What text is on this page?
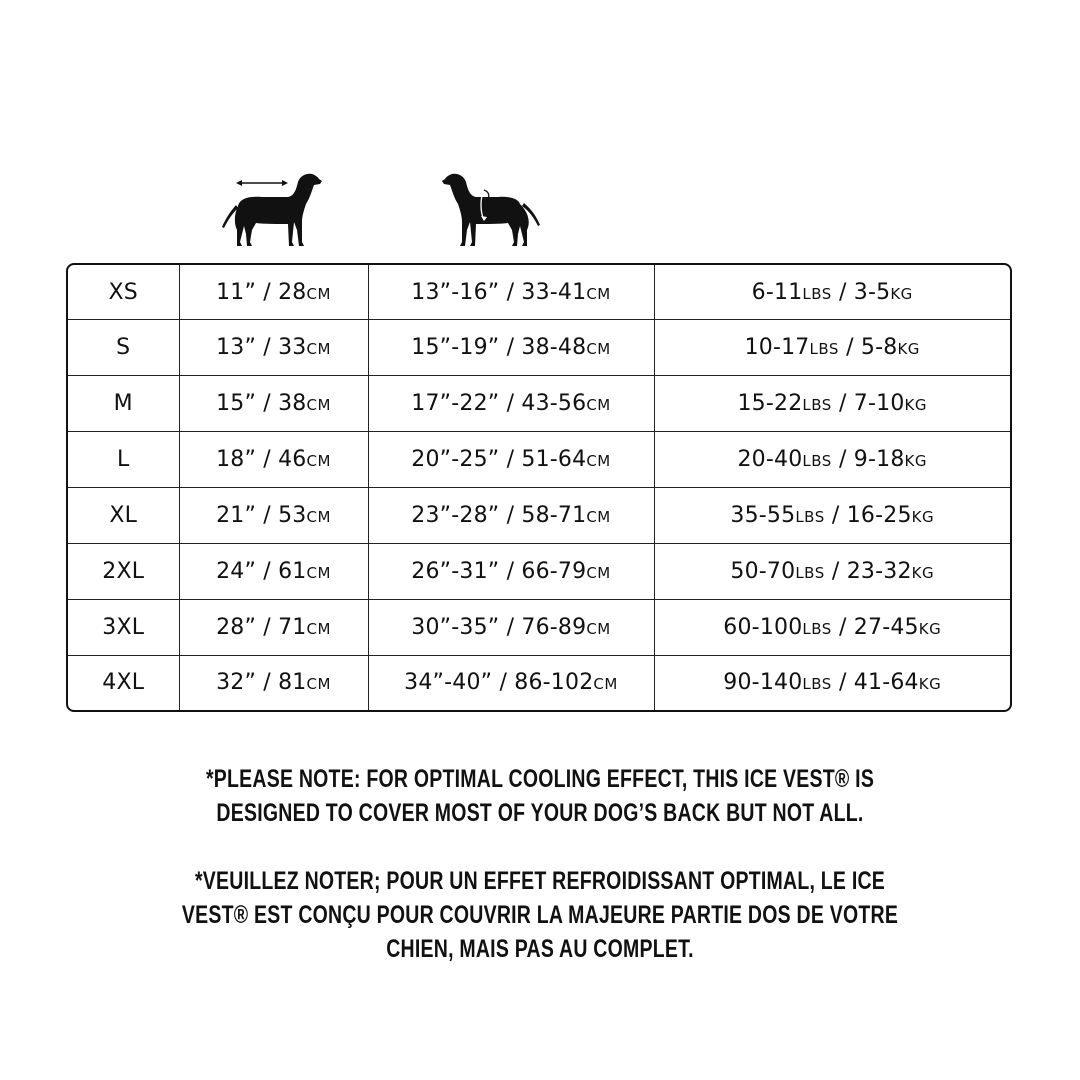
XS	11” / 28CM	13”-16” / 33-41CM	6-11LBS / 3-5KG
S	13” / 33CM	15”-19” / 38-48CM	10-17LBS / 5-8KG
M	15” / 38CM	17”-22” / 43-56CM	15-22LBS / 7-10KG
L	18” / 46CM	20”-25” / 51-64CM	20-40LBS / 9-18KG
XL	21” / 53CM	23”-28” / 58-71CM	35-55LBS / 16-25KG
2XL	24” / 61CM	26”-31” / 66-79CM	50-70LBS / 23-32KG
3XL	28” / 71CM	30”-35” / 76-89CM	60-100LBS / 27-45KG
4XL	32” / 81CM	34”-40” / 86-102CM	90-140LBS / 41-64KG

*PLEASE NOTE: FOR OPTIMAL COOLING EFFECT, THIS ICE VEST® IS DESIGNED TO COVER MOST OF YOUR DOG’S BACK BUT NOT ALL.

*VEUILLEZ NOTER; POUR UN EFFET REFROIDISSANT OPTIMAL, LE ICE VEST® EST CONÇU POUR COUVRIR LA MAJEURE PARTIE DOS DE VOTRE CHIEN, MAIS PAS AU COMPLET.
